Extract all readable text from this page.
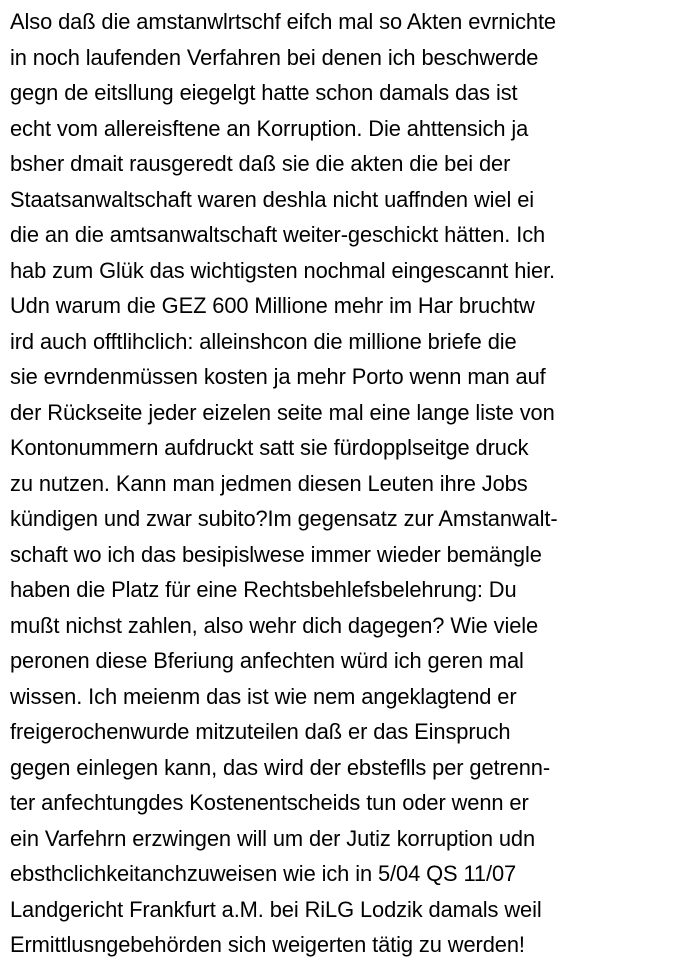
Also daß die amstanwlrtschf eifch mal so Akten evrnichte
in noch laufenden Verfahren bei denen ich beschwerde
gegn de eitsllung eiegelgt hatte schon damals das ist
echt vom allereisftene an Korruption. Die ahttensich ja
bsher dmait rausgeredt daß sie die akten die bei der
Staatsanwaltschaft waren deshla nicht uaffnden wiel ei
die an die amtsanwaltschaft weiter-geschickt hätten. Ich
hab zum Glük das wichtigsten nochmal eingescannt hier.
Udn warum die GEZ 600 Millione mehr im Har bruchtw
ird auch offtlihclich: alleinshcon die millione briefe die
sie evrndenmüssen kosten ja mehr Porto wenn man auf
der Rückseite jeder eizelen seite mal eine lange liste von
Kontonummern aufdruckt satt sie fürdopplseitge druck
zu nutzen. Kann man jedmen diesen Leuten ihre Jobs
kündigen und zwar subito?Im gegensatz zur Amstanwalt-
schaft wo ich das besipislwese immer wieder bemängle
haben die Platz für eine Rechtsbehlefsbelehrung: Du
mußt nichst zahlen, also wehr dich dagegen? Wie viele
peronen diese Bferiung anfechten würd ich geren mal
wissen. Ich meienm das ist wie nem angeklagtend er
freigerochenwurde mitzuteilen daß er das Einspruch
gegen einlegen kann, das wird der ebsteflls per getrenn-
ter anfechtungdes Kostenentscheids tun oder wenn er
ein Varfehrn erzwingen will um der Jutiz korruption udn
ebsthclichkeitanchzuweisen wie ich in 5/04 QS 11/07
Landgericht Frankfurt a.M. bei RiLG Lodzik damals weil
Ermittlusngebehörden sich weigerten tätig zu werden!
